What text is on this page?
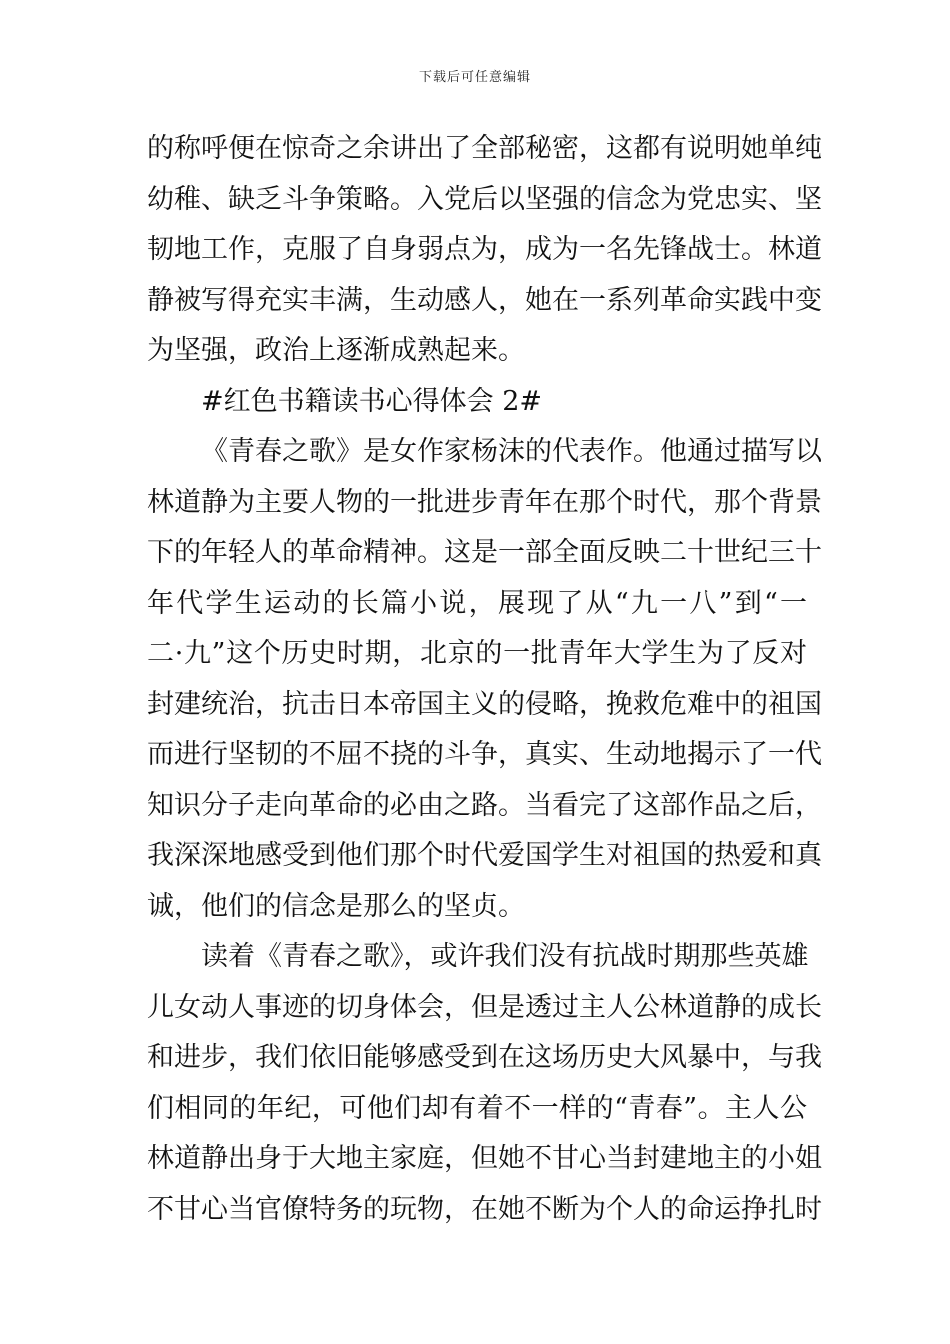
下载后可任意编辑
的称呼便在惊奇之余讲出了全部秘密，这都有说明她单纯
幼稚、缺乏斗争策略。入党后以坚强的信念为党忠实、坚
韧地工作，克服了自身弱点为，成为一名先锋战士。林道
静被写得充实丰满，生动感人，她在一系列革命实践中变
为坚强，政治上逐渐成熟起来。
#红色书籍读书心得体会 2#
《青春之歌》是女作家杨沫的代表作。他通过描写以
林道静为主要人物的一批进步青年在那个时代，那个背景
下的年轻人的革命精神。这是一部全面反映二十世纪三十
年代学生运动的长篇小说，展现了从“九一八”到“一
二·九”这个历史时期，北京的一批青年大学生为了反对
封建统治，抗击日本帝国主义的侵略，挽救危难中的祖国
而进行坚韧的不屈不挠的斗争，真实、生动地揭示了一代
知识分子走向革命的必由之路。当看完了这部作品之后，
我深深地感受到他们那个时代爱国学生对祖国的热爱和真
诚，他们的信念是那么的坚贞。
读着《青春之歌》，或许我们没有抗战时期那些英雄
儿女动人事迹的切身体会，但是透过主人公林道静的成长
和进步，我们依旧能够感受到在这场历史大风暴中，与我
们相同的年纪，可他们却有着不一样的“青春”。主人公
林道静出身于大地主家庭，但她不甘心当封建地主的小姐
不甘心当官僚特务的玩物，在她不断为个人的命运挣扎时
